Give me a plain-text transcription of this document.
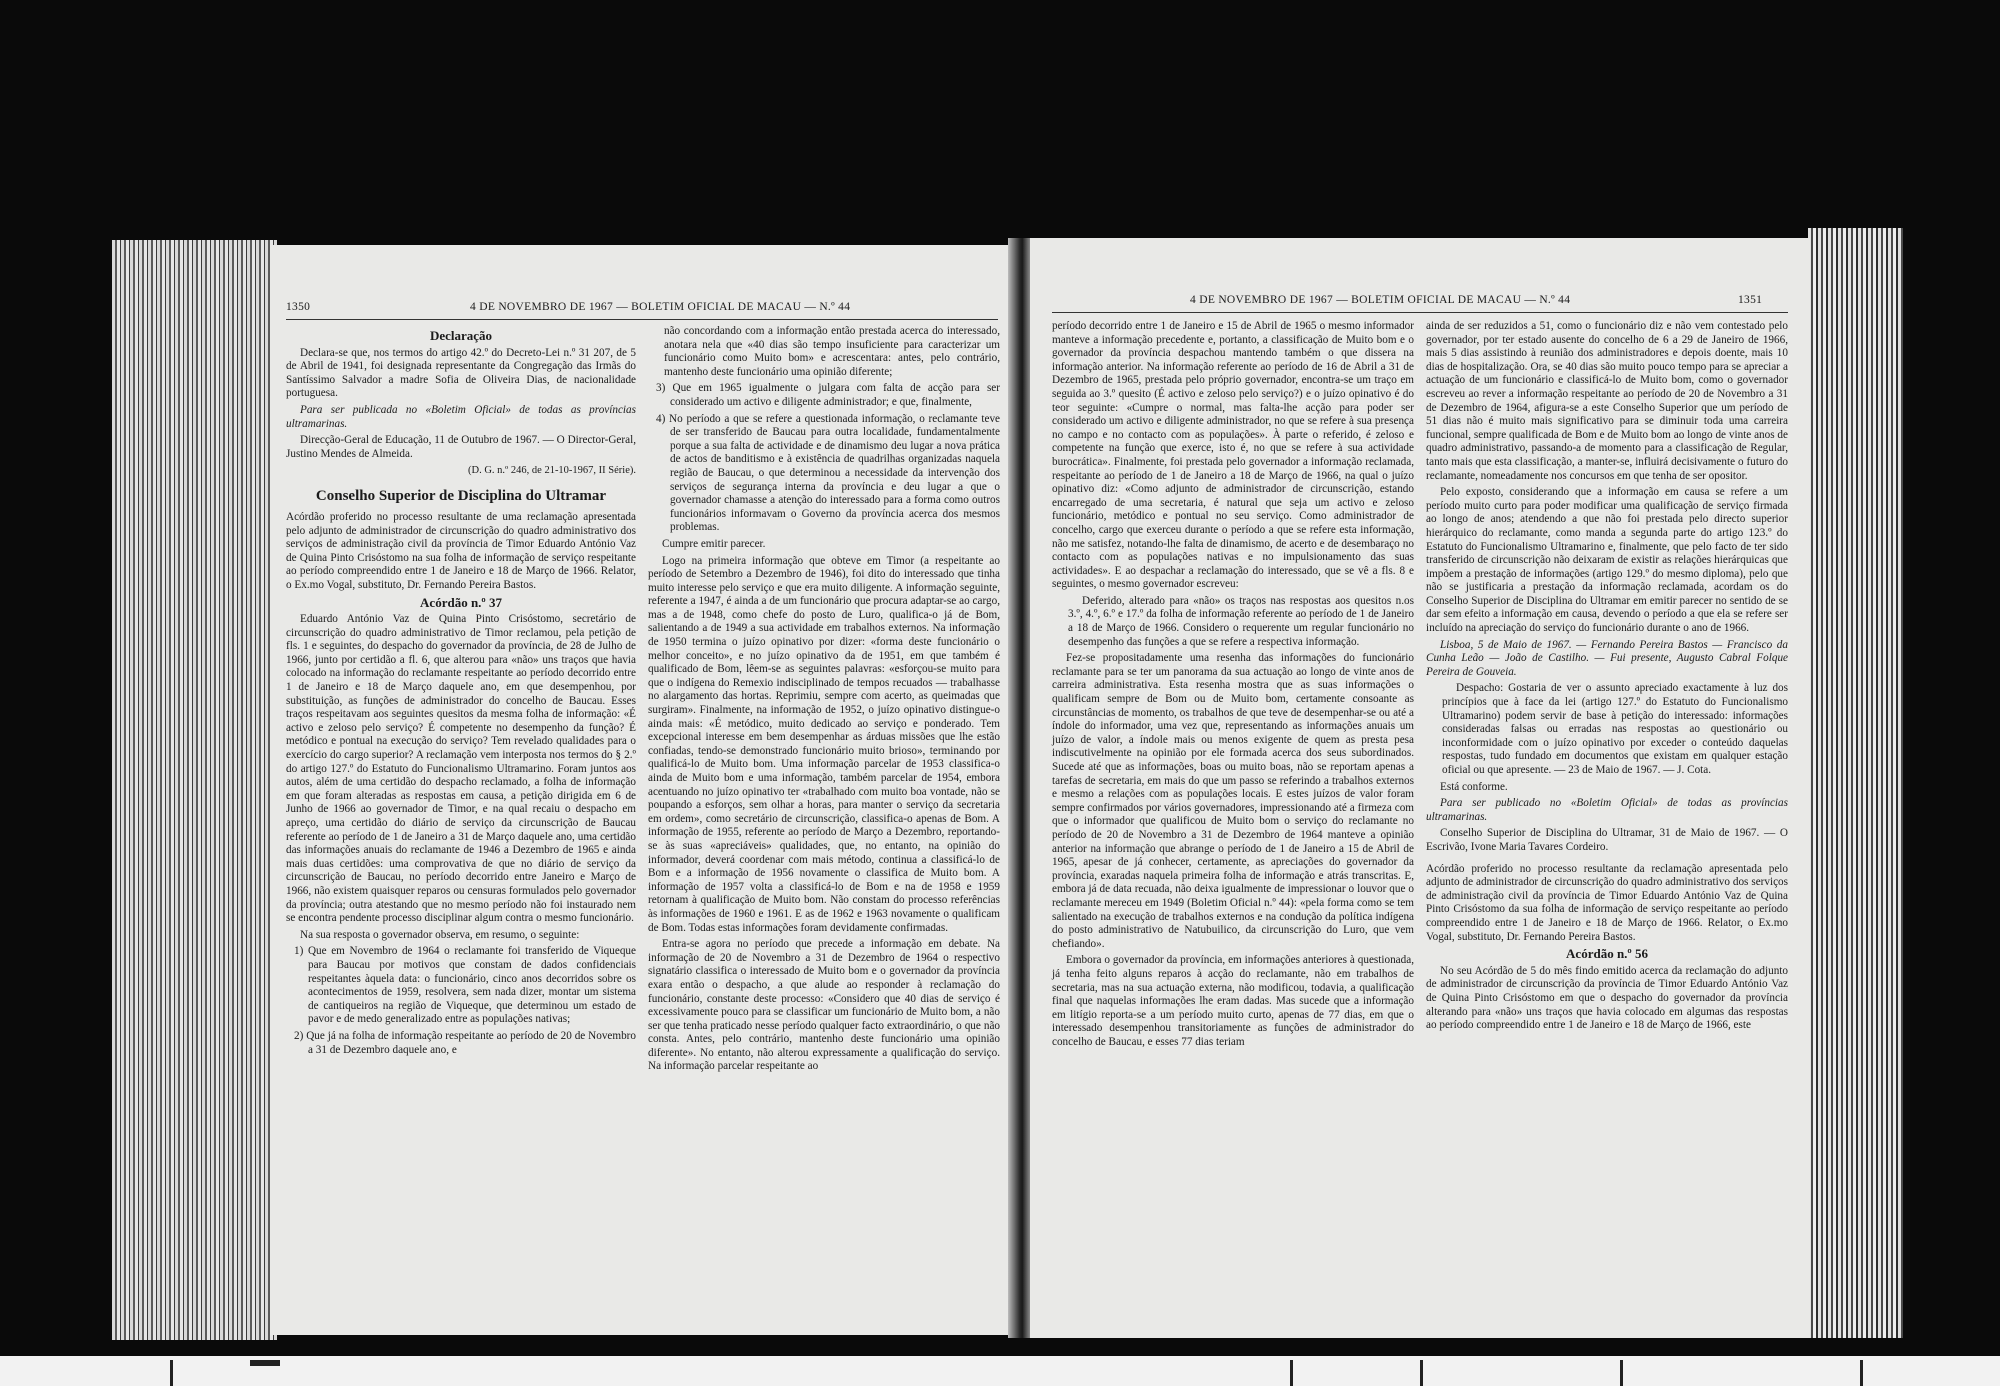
1350	4 DE NOVEMBRO DE 1967 — BOLETIM OFICIAL DE MACAU — N.º 44
Declaração

Declara-se que, nos termos do artigo 42.º do Decreto-Lei n.º 31 207, de 5 de Abril de 1941, foi designada representante da Congregação das Irmãs do Santíssimo Salvador a madre Sofia de Oliveira Dias, de nacionalidade portuguesa.

Para ser publicada no «Boletim Oficial» de todas as províncias ultramarinas.

Direcção-Geral de Educação, 11 de Outubro de 1967. — O Director-Geral, Justino Mendes de Almeida.

(D. G. n.º 246, de 21-10-1967, II Série).
Conselho Superior de Disciplina do Ultramar

Acórdão proferido no processo resultante de uma reclamação apresentada pelo adjunto de administrador de circunscrição do quadro administrativo dos serviços de administração civil da província de Timor Eduardo António Vaz de Quina Pinto Crisóstomo na sua folha de informação de serviço respeitante ao período compreendido entre 1 de Janeiro e 18 de Março de 1966. Relator, o Ex.mo Vogal, substituto, Dr. Fernando Pereira Bastos.

Acórdão n.º 37

Eduardo António Vaz de Quina Pinto Crisóstomo, secretário de circunscrição do quadro administrativo de Timor reclamou, pela petição de fls. 1 e seguintes, do despacho do governador da província, de 28 de Julho de 1966, junto por certidão a fl. 6, que alterou para «não» uns traços que havia colocado na informação do reclamante respeitante ao período decorrido entre 1 de Janeiro e 18 de Março daquele ano, em que desempenhou, por substituição, as funções de administrador do concelho de Baucau. Esses traços respeitavam aos seguintes quesitos da mesma folha de informação: «É activo e zeloso pelo serviço? É competente no desempenho da função? É metódico e pontual na execução do serviço? Tem revelado qualidades para o exercício do cargo superior? A reclamação vem interposta nos termos do § 2.º do artigo 127.º do Estatuto do Funcionalismo Ultramarino. Foram juntos aos autos, além de uma certidão do despacho reclamado, a folha de informação em que foram alteradas as respostas em causa, a petição dirigida em 6 de Junho de 1966 ao governador de Timor, e na qual recaiu o despacho em apreço, uma certidão do diário de serviço da circunscrição de Baucau referente ao período de 1 de Janeiro a 31 de Março daquele ano, uma certidão das informações anuais do reclamante de 1946 a Dezembro de 1965 e ainda mais duas certidões: uma comprovativa de que no diário de serviço da circunscrição de Baucau, no período decorrido entre Janeiro e Março de 1966, não existem quaisquer reparos ou censuras formulados pelo governador da província; outra atestando que no mesmo período não foi instaurado nem se encontra pendente processo disciplinar algum contra o mesmo funcionário.

Na sua resposta o governador observa, em resumo, o seguinte:

1) Que em Novembro de 1964 o reclamante foi transferido de Viqueque para Baucau por motivos que constam de dados confidenciais respeitantes àquela data: o funcionário, cinco anos decorridos sobre os acontecimentos de 1959, resolvera, sem nada dizer, montar um sistema de cantiqueiros na região de Viqueque, que determinou um estado de pavor e de medo generalizado entre as populações nativas;
2) Que já na folha de informação respeitante ao período de 20 de Novembro a 31 de Dezembro daquele ano, e

não concordando com a informação então prestada acerca do interessado, anotara nela que «40 dias são tempo insuficiente para caracterizar um funcionário como Muito bom» e acrescentara: antes, pelo contrário, mantenho deste funcionário uma opinião diferente;

3) Que em 1965 igualmente o julgara com falta de acção para ser considerado um activo e diligente administrador; e que, finalmente,
4) No período a que se refere a questionada informação, o reclamante teve de ser transferido de Baucau para outra localidade, fundamentalmente porque a sua falta de actividade e de dinamismo deu lugar a nova prática de actos de banditismo e à existência de quadrilhas organizadas naquela região de Baucau, o que determinou a necessidade da intervenção dos serviços de segurança interna da província e deu lugar a que o governador chamasse a atenção do interessado para a forma como outros funcionários informavam o Governo da província acerca dos mesmos problemas.

Cumpre emitir parecer.

Logo na primeira informação que obteve em Timor (a respeitante ao período de Setembro a Dezembro de 1946), foi dito do interessado que tinha muito interesse pelo serviço e que era muito diligente. A informação seguinte, referente a 1947, é ainda a de um funcionário que procura adaptar-se ao cargo, mas a de 1948, como chefe do posto de Luro, qualifica-o já de Bom, salientando a de 1949 a sua actividade em trabalhos externos. Na informação de 1950 termina o juízo opinativo por dizer: «forma deste funcionário o melhor conceito», e no juízo opinativo da de 1951, em que também é qualificado de Bom, lêem-se as seguintes palavras: «esforçou-se muito para que o indígena do Remexio indisciplinado de tempos recuados — trabalhasse no alargamento das hortas. Reprimiu, sempre com acerto, as queimadas que surgiram». Finalmente, na informação de 1952, o juízo opinativo distingue-o ainda mais: «É metódico, muito dedicado ao serviço e ponderado. Tem excepcional interesse em bem desempenhar as árduas missões que lhe estão confiadas, tendo-se demonstrado funcionário muito brioso», terminando por qualificá-lo de Muito bom. Uma informação parcelar de 1953 classifica-o ainda de Muito bom e uma informação, também parcelar de 1954, embora acentuando no juízo opinativo ter «trabalhado com muito boa vontade, não se poupando a esforços, sem olhar a horas, para manter o serviço da secretaria em ordem», como secretário de circunscrição, classifica-o apenas de Bom. A informação de 1955, referente ao período de Março a Dezembro, reportando-se às suas «apreciáveis» qualidades, que, no entanto, na opinião do informador, deverá coordenar com mais método, continua a classificá-lo de Bom e a informação de 1956 novamente o classifica de Muito bom. A informação de 1957 volta a classificá-lo de Bom e na de 1958 e 1959 retornam à qualificação de Muito bom. Não constam do processo referências às informações de 1960 e 1961. E as de 1962 e 1963 novamente o qualificam de Bom. Todas estas informações foram devidamente confirmadas.

Entra-se agora no período que precede a informação em debate. Na informação de 20 de Novembro a 31 de Dezembro de 1964 o respectivo signatário classifica o interessado de Muito bom e o governador da província exara então o despacho, a que alude ao responder à reclamação do funcionário, constante deste processo: «Considero que 40 dias de serviço é excessivamente pouco para se classificar um funcionário de Muito bom, a não ser que tenha praticado nesse período qualquer facto extraordinário, o que não consta. Antes, pelo contrário, mantenho deste funcionário uma opinião diferente». No entanto, não alterou expressamente a qualificação do serviço. Na informação parcelar respeitante ao

4 DE NOVEMBRO DE 1967 — BOLETIM OFICIAL DE MACAU — N.º 44	1351

período decorrido entre 1 de Janeiro e 15 de Abril de 1965 o mesmo informador manteve a informação precedente e, portanto, a classificação de Muito bom e o governador da província despachou mantendo também o que dissera na informação anterior. Na informação referente ao período de 16 de Abril a 31 de Dezembro de 1965, prestada pelo próprio governador, encontra-se um traço em seguida ao 3.º quesito (É activo e zeloso pelo serviço?) e o juízo opinativo é do teor seguinte: «Cumpre o normal, mas falta-lhe acção para poder ser considerado um activo e diligente administrador, no que se refere à sua presença no campo e no contacto com as populações». À parte o referido, é zeloso e competente na função que exerce, isto é, no que se refere à sua actividade burocrática». Finalmente, foi prestada pelo governador a informação reclamada, respeitante ao período de 1 de Janeiro a 18 de Março de 1966, na qual o juízo opinativo diz: «Como adjunto de administrador de circunscrição, estando encarregado de uma secretaria, é natural que seja um activo e zeloso funcionário, metódico e pontual no seu serviço. Como administrador de concelho, cargo que exerceu durante o período a que se refere esta informação, não me satisfez, notando-lhe falta de dinamismo, de acerto e de desembaraço no contacto com as populações nativas e no impulsionamento das suas actividades». E ao despachar a reclamação do interessado, que se vê a fls. 8 e seguintes, o mesmo governador escreveu:

Deferido, alterado para «não» os traços nas respostas aos quesitos n.os 3.º, 4.º, 6.º e 17.º da folha de informação referente ao período de 1 de Janeiro a 18 de Março de 1966. Considero o requerente um regular funcionário no desempenho das funções a que se refere a respectiva informação.

Fez-se propositadamente uma resenha das informações do funcionário reclamante para se ter um panorama da sua actuação ao longo de vinte anos de carreira administrativa. Esta resenha mostra que as suas informações o qualificam sempre de Bom ou de Muito bom, certamente consoante as circunstâncias de momento, os trabalhos de que teve de desempenhar-se ou até a índole do informador, uma vez que, representando as informações anuais um juízo de valor, a índole mais ou menos exigente de quem as presta pesa indiscutivelmente na opinião por ele formada acerca dos seus subordinados. Sucede até que as informações, boas ou muito boas, não se reportam apenas a tarefas de secretaria, em mais do que um passo se referindo a trabalhos externos e mesmo a relações com as populações locais. E estes juízos de valor foram sempre confirmados por vários governadores, impressionando até a firmeza com que o informador que qualificou de Muito bom o serviço do reclamante no período de 20 de Novembro a 31 de Dezembro de 1964 manteve a opinião anterior na informação que abrange o período de 1 de Janeiro a 15 de Abril de 1965, apesar de já conhecer, certamente, as apreciações do governador da província, exaradas naquela primeira folha de informação e atrás transcritas. E, embora já de data recuada, não deixa igualmente de impressionar o louvor que o reclamante mereceu em 1949 (Boletim Oficial n.º 44): «pela forma como se tem salientado na execução de trabalhos externos e na condução da política indígena do posto administrativo de Natubuilico, da circunscrição do Luro, que vem chefiando».

Embora o governador da província, em informações anteriores à questionada, já tenha feito alguns reparos à acção do reclamante, não em trabalhos de secretaria, mas na sua actuação externa, não modificou, todavia, a qualificação final que naquelas informações lhe eram dadas. Mas sucede que a informação em litígio reporta-se a um período muito curto, apenas de 77 dias, em que o interessado desempenhou transitoriamente as funções de administrador do concelho de Baucau, e esses 77 dias teriam

ainda de ser reduzidos a 51, como o funcionário diz e não vem contestado pelo governador, por ter estado ausente do concelho de 6 a 29 de Janeiro de 1966, mais 5 dias assistindo à reunião dos administradores e depois doente, mais 10 dias de hospitalização. Ora, se 40 dias são muito pouco tempo para se apreciar a actuação de um funcionário e classificá-lo de Muito bom, como o governador escreveu ao rever a informação respeitante ao período de 20 de Novembro a 31 de Dezembro de 1964, afigura-se a este Conselho Superior que um período de 51 dias não é muito mais significativo para se diminuir toda uma carreira funcional, sempre qualificada de Bom e de Muito bom ao longo de vinte anos de quadro administrativo, passando-a de momento para a classificação de Regular, tanto mais que esta classificação, a manter-se, influirá decisivamente o futuro do reclamante, nomeadamente nos concursos em que tenha de ser opositor.

Pelo exposto, considerando que a informação em causa se refere a um período muito curto para poder modificar uma qualificação de serviço firmada ao longo de anos; atendendo a que não foi prestada pelo directo superior hierárquico do reclamante, como manda a segunda parte do artigo 123.º do Estatuto do Funcionalismo Ultramarino e, finalmente, que pelo facto de ter sido transferido de circunscrição não deixaram de existir as relações hierárquicas que impõem a prestação de informações (artigo 129.º do mesmo diploma), pelo que não se justificaria a prestação da informação reclamada, acordam os do Conselho Superior de Disciplina do Ultramar em emitir parecer no sentido de se dar sem efeito a informação em causa, devendo o período a que ela se refere ser incluído na apreciação do serviço do funcionário durante o ano de 1966.

Lisboa, 5 de Maio de 1967. — Fernando Pereira Bastos — Francisco da Cunha Leão — João de Castilho. — Fui presente, Augusto Cabral Folque Pereira de Gouveia.

Despacho: Gostaria de ver o assunto apreciado exactamente à luz dos princípios que à face da lei (artigo 127.º do Estatuto do Funcionalismo Ultramarino) podem servir de base à petição do interessado: informações consideradas falsas ou erradas nas respostas ao questionário ou inconformidade com o juízo opinativo por exceder o conteúdo daquelas respostas, tudo fundado em documentos que existam em qualquer estação oficial ou que apresente. — 23 de Maio de 1967. — J. Cota.

Está conforme.

Para ser publicado no «Boletim Oficial» de todas as províncias ultramarinas.

Conselho Superior de Disciplina do Ultramar, 31 de Maio de 1967. — O Escrivão, Ivone Maria Tavares Cordeiro.

Acórdão proferido no processo resultante da reclamação apresentada pelo adjunto de administrador de circunscrição do quadro administrativo dos serviços de administração civil da província de Timor Eduardo António Vaz de Quina Pinto Crisóstomo da sua folha de informação de serviço respeitante ao período compreendido entre 1 de Janeiro e 18 de Março de 1966. Relator, o Ex.mo Vogal, substituto, Dr. Fernando Pereira Bastos.

Acórdão n.º 56

No seu Acórdão de 5 do mês findo emitido acerca da reclamação do adjunto de administrador de circunscrição da província de Timor Eduardo António Vaz de Quina Pinto Crisóstomo em que o despacho do governador da província alterando para «não» uns traços que havia colocado em algumas das respostas ao período compreendido entre 1 de Janeiro e 18 de Março de 1966, este
